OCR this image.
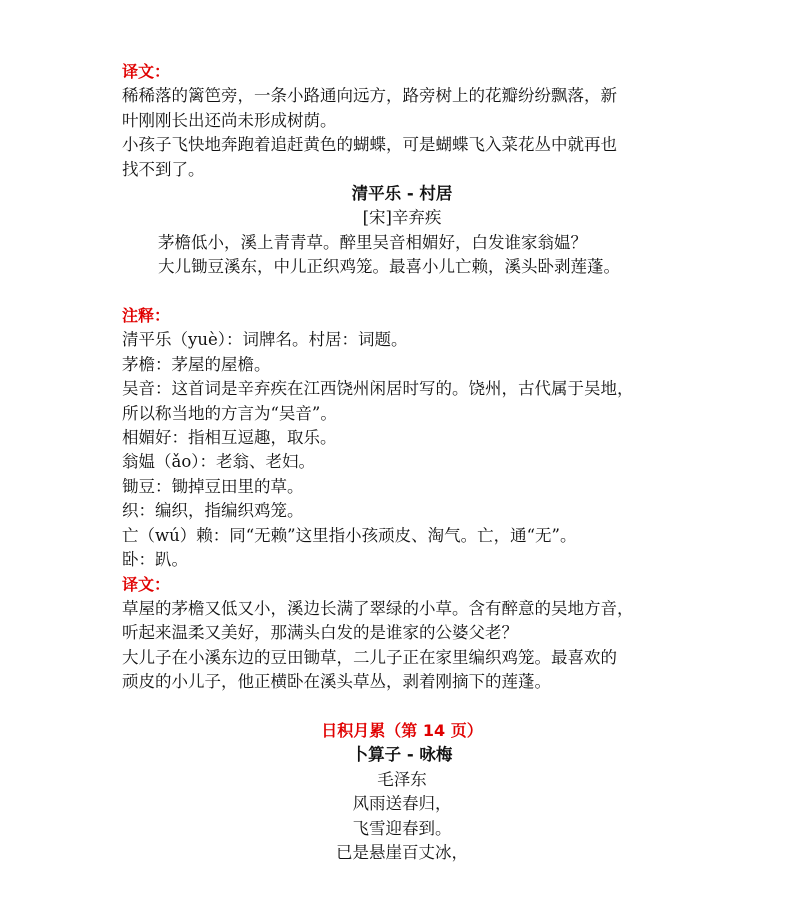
译文：
稀稀落的篱笆旁，一条小路通向远方，路旁树上的花瓣纷纷飘落，新
叶刚刚长出还尚未形成树荫。
小孩子飞快地奔跑着追赶黄色的蝴蝶，可是蝴蝶飞入菜花丛中就再也
找不到了。
清平乐 - 村居
[宋]辛弃疾
茅檐低小，溪上青青草。醉里吴音相媚好，白发谁家翁媪？
大儿锄豆溪东，中儿正织鸡笼。最喜小儿亡赖，溪头卧剥莲蓬。
注释：
清平乐（yuè）：词牌名。村居：词题。
茅檐：茅屋的屋檐。
吴音：这首词是辛弃疾在江西饶州闲居时写的。饶州，古代属于吴地，
所以称当地的方言为“吴音”。
相媚好：指相互逗趣，取乐。
翁媪（ǎo）：老翁、老妇。
锄豆：锄掉豆田里的草。
织：编织，指编织鸡笼。
亡（wú）赖：同“无赖”这里指小孩顽皮、淘气。亡，通“无”。
卧：趴。
译文：
草屋的茅檐又低又小，溪边长满了翠绿的小草。含有醉意的吴地方音，
听起来温柔又美好，那满头白发的是谁家的公婆父老？
大儿子在小溪东边的豆田锄草，二儿子正在家里编织鸡笼。最喜欢的
顽皮的小儿子，他正横卧在溪头草丛，剥着刚摘下的莲蓬。
日积月累（第 14 页）
卜算子 - 咏梅
毛泽东
风雨送春归，
飞雪迎春到。
已是悬崖百丈冰，
